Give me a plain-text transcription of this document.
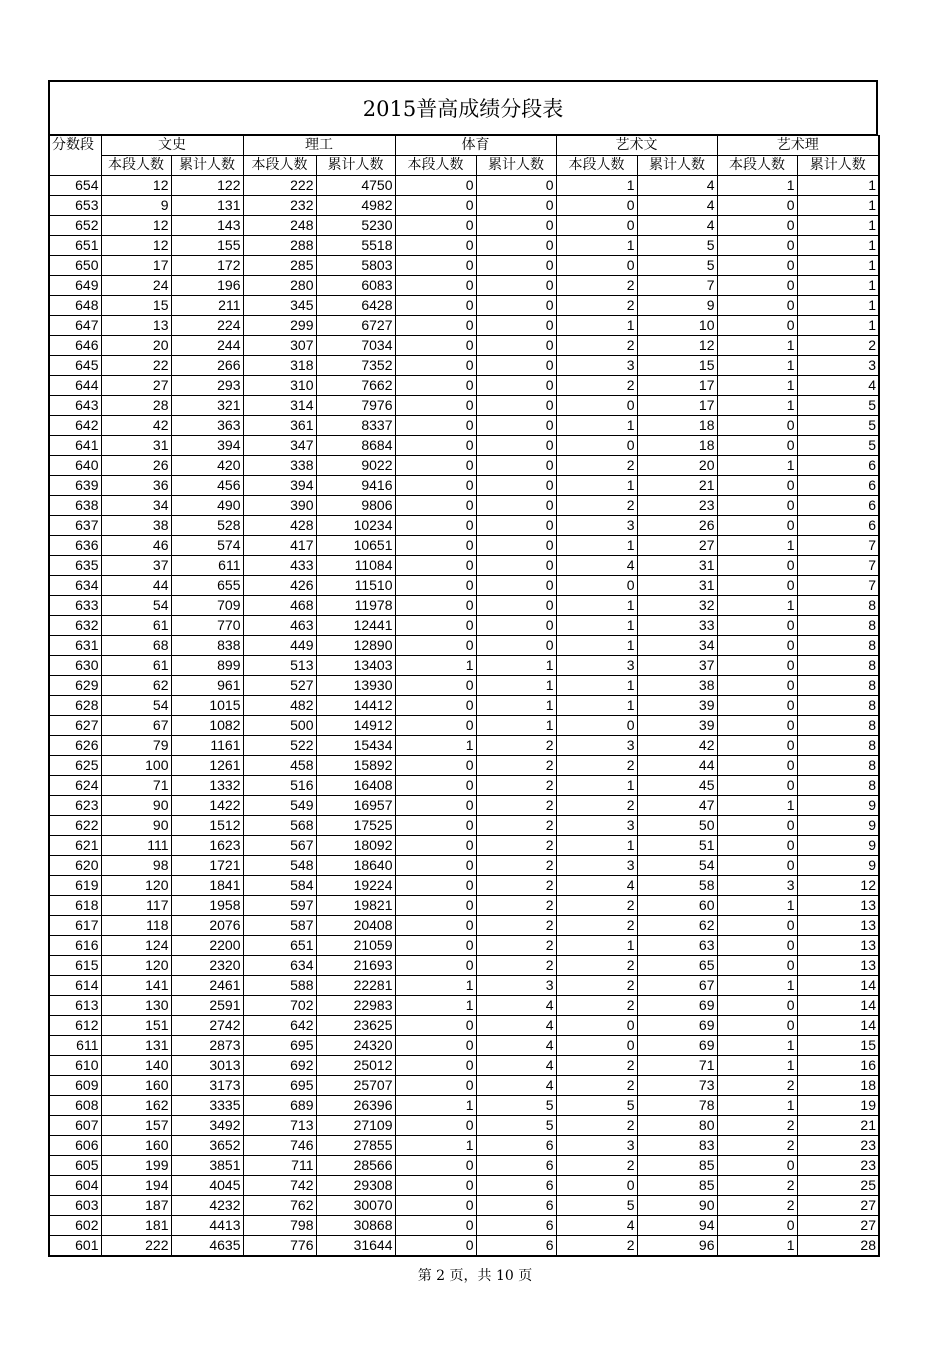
2015普高成绩分段表
分数段	文史		理工		体育		艺术文		艺术理	
	本段人数	累计人数	本段人数	累计人数	本段人数	累计人数	本段人数	累计人数	本段人数	累计人数
654	12	122	222	4750	0	0	1	4	1	1
653	9	131	232	4982	0	0	0	4	0	1
652	12	143	248	5230	0	0	0	4	0	1
651	12	155	288	5518	0	0	1	5	0	1
650	17	172	285	5803	0	0	0	5	0	1
649	24	196	280	6083	0	0	2	7	0	1
648	15	211	345	6428	0	0	2	9	0	1
647	13	224	299	6727	0	0	1	10	0	1
646	20	244	307	7034	0	0	2	12	1	2
645	22	266	318	7352	0	0	3	15	1	3
644	27	293	310	7662	0	0	2	17	1	4
643	28	321	314	7976	0	0	0	17	1	5
642	42	363	361	8337	0	0	1	18	0	5
641	31	394	347	8684	0	0	0	18	0	5
640	26	420	338	9022	0	0	2	20	1	6
639	36	456	394	9416	0	0	1	21	0	6
638	34	490	390	9806	0	0	2	23	0	6
637	38	528	428	10234	0	0	3	26	0	6
636	46	574	417	10651	0	0	1	27	1	7
635	37	611	433	11084	0	0	4	31	0	7
634	44	655	426	11510	0	0	0	31	0	7
633	54	709	468	11978	0	0	1	32	1	8
632	61	770	463	12441	0	0	1	33	0	8
631	68	838	449	12890	0	0	1	34	0	8
630	61	899	513	13403	1	1	3	37	0	8
629	62	961	527	13930	0	1	1	38	0	8
628	54	1015	482	14412	0	1	1	39	0	8
627	67	1082	500	14912	0	1	0	39	0	8
626	79	1161	522	15434	1	2	3	42	0	8
625	100	1261	458	15892	0	2	2	44	0	8
624	71	1332	516	16408	0	2	1	45	0	8
623	90	1422	549	16957	0	2	2	47	1	9
622	90	1512	568	17525	0	2	3	50	0	9
621	111	1623	567	18092	0	2	1	51	0	9
620	98	1721	548	18640	0	2	3	54	0	9
619	120	1841	584	19224	0	2	4	58	3	12
618	117	1958	597	19821	0	2	2	60	1	13
617	118	2076	587	20408	0	2	2	62	0	13
616	124	2200	651	21059	0	2	1	63	0	13
615	120	2320	634	21693	0	2	2	65	0	13
614	141	2461	588	22281	1	3	2	67	1	14
613	130	2591	702	22983	1	4	2	69	0	14
612	151	2742	642	23625	0	4	0	69	0	14
611	131	2873	695	24320	0	4	0	69	1	15
610	140	3013	692	25012	0	4	2	71	1	16
609	160	3173	695	25707	0	4	2	73	2	18
608	162	3335	689	26396	1	5	5	78	1	19
607	157	3492	713	27109	0	5	2	80	2	21
606	160	3652	746	27855	1	6	3	83	2	23
605	199	3851	711	28566	0	6	2	85	0	23
604	194	4045	742	29308	0	6	0	85	2	25
603	187	4232	762	30070	0	6	5	90	2	27
602	181	4413	798	30868	0	6	4	94	0	27
601	222	4635	776	31644	0	6	2	96	1	28
第 2 页，共 10 页
